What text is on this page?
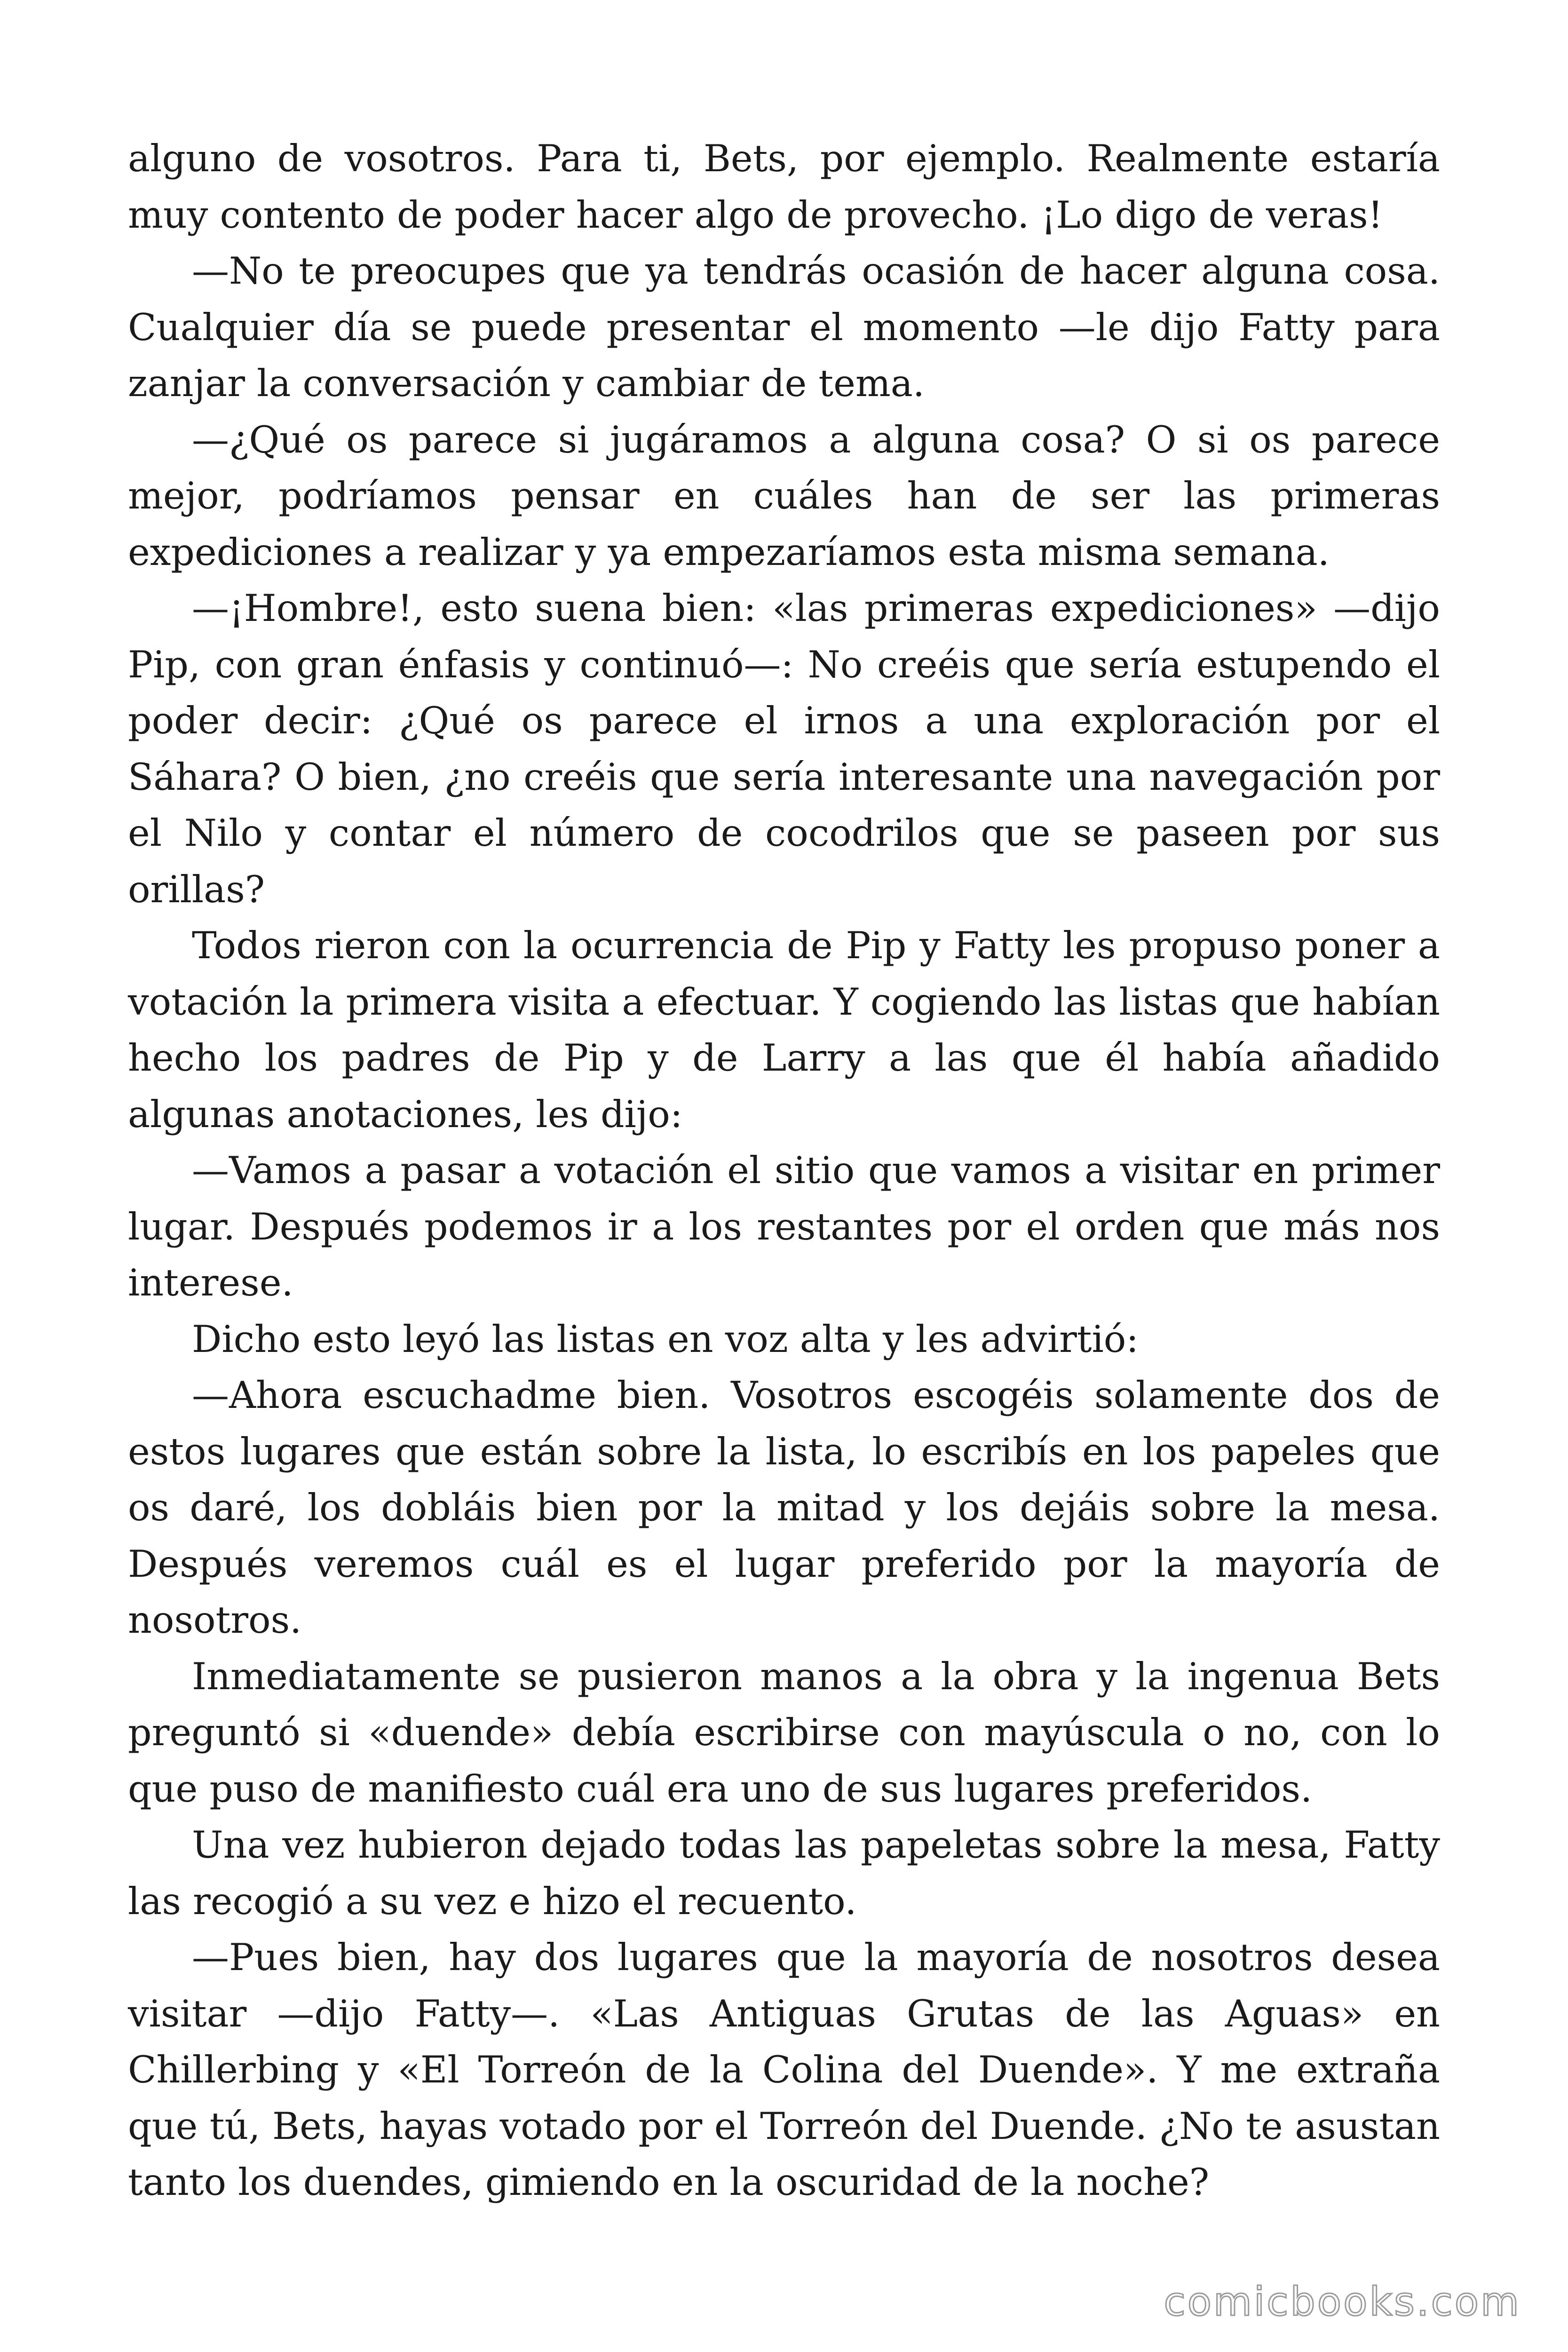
alguno de vosotros. Para ti, Bets, por ejemplo. Realmente estaría muy contento de poder hacer algo de provecho. ¡Lo digo de veras!

—No te preocupes que ya tendrás ocasión de hacer alguna cosa. Cualquier día se puede presentar el momento —le dijo Fatty para zanjar la conversación y cambiar de tema.

—¿Qué os parece si jugáramos a alguna cosa? O si os parece mejor, podríamos pensar en cuáles han de ser las primeras expediciones a realizar y ya empezaríamos esta misma semana.

—¡Hombre!, esto suena bien: «las primeras expediciones» —dijo Pip, con gran énfasis y continuó—: No creéis que sería estupendo el poder decir: ¿Qué os parece el irnos a una exploración por el Sáhara? O bien, ¿no creéis que sería interesante una navegación por el Nilo y contar el número de cocodrilos que se paseen por sus orillas?

Todos rieron con la ocurrencia de Pip y Fatty les propuso poner a votación la primera visita a efectuar. Y cogiendo las listas que habían hecho los padres de Pip y de Larry a las que él había añadido algunas anotaciones, les dijo:

—Vamos a pasar a votación el sitio que vamos a visitar en primer lugar. Después podemos ir a los restantes por el orden que más nos interese.

Dicho esto leyó las listas en voz alta y les advirtió:

—Ahora escuchadme bien. Vosotros escogéis solamente dos de estos lugares que están sobre la lista, lo escribís en los papeles que os daré, los dobláis bien por la mitad y los dejáis sobre la mesa. Después veremos cuál es el lugar preferido por la mayoría de nosotros.

Inmediatamente se pusieron manos a la obra y la ingenua Bets preguntó si «duende» debía escribirse con mayúscula o no, con lo que puso de manifiesto cuál era uno de sus lugares preferidos.

Una vez hubieron dejado todas las papeletas sobre la mesa, Fatty las recogió a su vez e hizo el recuento.

—Pues bien, hay dos lugares que la mayoría de nosotros desea visitar —dijo Fatty—. «Las Antiguas Grutas de las Aguas» en Chillerbing y «El Torreón de la Colina del Duende». Y me extraña que tú, Bets, hayas votado por el Torreón del Duende. ¿No te asustan tanto los duendes, gimiendo en la oscuridad de la noche?

comicbooks.com
